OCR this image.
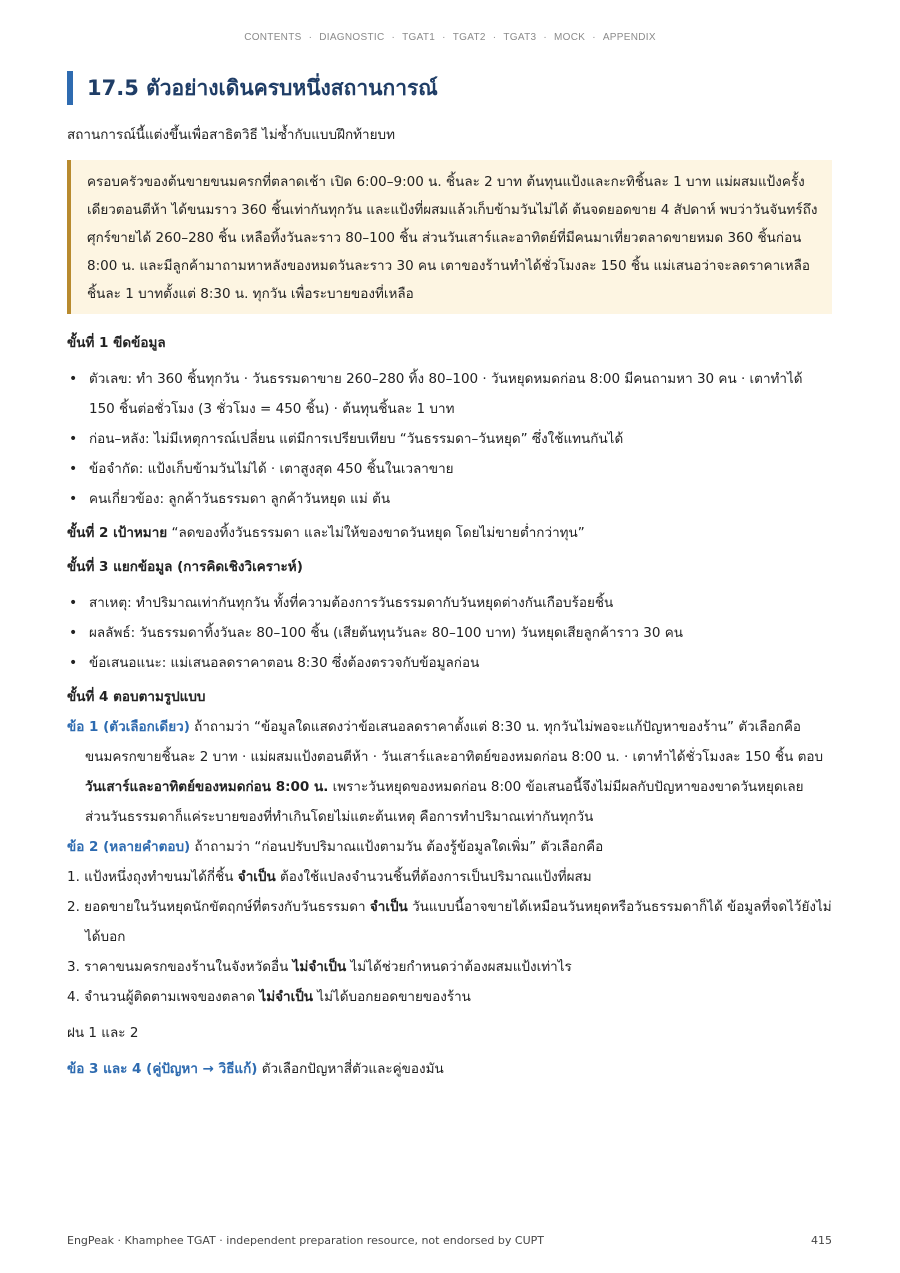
CONTENTS · DIAGNOSTIC · TGAT1 · TGAT2 · TGAT3 · MOCK · APPENDIX
17.5 ตัวอย่างเดินครบหนึ่งสถานการณ์

สถานการณ์นี้แต่งขึ้นเพื่อสาธิตวิธี ไม่ซ้ำกับแบบฝึกท้ายบท

ครอบครัวของต้นขายขนมครกที่ตลาดเช้า เปิด 6:00–9:00 น. ชิ้นละ 2 บาท ต้นทุนแป้งและกะทิชิ้นละ 1 บาท แม่ผสมแป้งครั้งเดียวตอนตีห้า ได้ขนมราว 360 ชิ้นเท่ากันทุกวัน และแป้งที่ผสมแล้วเก็บข้ามวันไม่ได้ ต้นจดยอดขาย 4 สัปดาห์ พบว่าวันจันทร์ถึงศุกร์ขายได้ 260–280 ชิ้น เหลือทิ้งวันละราว 80–100 ชิ้น ส่วนวันเสาร์และอาทิตย์ที่มีคนมาเที่ยวตลาดขายหมด 360 ชิ้นก่อน 8:00 น. และมีลูกค้ามาถามหาหลังของหมดวันละราว 30 คน เตาของร้านทำได้ชั่วโมงละ 150 ชิ้น แม่เสนอว่าจะลดราคาเหลือชิ้นละ 1 บาทตั้งแต่ 8:30 น. ทุกวัน เพื่อระบายของที่เหลือ

ขั้นที่ 1 ขีดข้อมูล

• ตัวเลข: ทำ 360 ชิ้นทุกวัน · วันธรรมดาขาย 260–280 ทิ้ง 80–100 · วันหยุดหมดก่อน 8:00 มีคนถามหา 30 คน · เตาทำได้ 150 ชิ้นต่อชั่วโมง (3 ชั่วโมง = 450 ชิ้น) · ต้นทุนชิ้นละ 1 บาท
• ก่อน–หลัง: ไม่มีเหตุการณ์เปลี่ยน แต่มีการเปรียบเทียบ “วันธรรมดา–วันหยุด” ซึ่งใช้แทนกันได้
• ข้อจำกัด: แป้งเก็บข้ามวันไม่ได้ · เตาสูงสุด 450 ชิ้นในเวลาขาย
• คนเกี่ยวข้อง: ลูกค้าวันธรรมดา ลูกค้าวันหยุด แม่ ต้น

ขั้นที่ 2 เป้าหมาย “ลดของทิ้งวันธรรมดา และไม่ให้ของขาดวันหยุด โดยไม่ขายต่ำกว่าทุน”

ขั้นที่ 3 แยกข้อมูล (การคิดเชิงวิเคราะห์)

• สาเหตุ: ทำปริมาณเท่ากันทุกวัน ทั้งที่ความต้องการวันธรรมดากับวันหยุดต่างกันเกือบร้อยชิ้น
• ผลลัพธ์: วันธรรมดาทิ้งวันละ 80–100 ชิ้น (เสียต้นทุนวันละ 80–100 บาท) วันหยุดเสียลูกค้าราว 30 คน
• ข้อเสนอแนะ: แม่เสนอลดราคาตอน 8:30 ซึ่งต้องตรวจกับข้อมูลก่อน

ขั้นที่ 4 ตอบตามรูปแบบ

ข้อ 1 (ตัวเลือกเดียว) ถ้าถามว่า “ข้อมูลใดแสดงว่าข้อเสนอลดราคาตั้งแต่ 8:30 น. ทุกวันไม่พอจะแก้ปัญหาของร้าน” ตัวเลือกคือ ขนมครกขายชิ้นละ 2 บาท · แม่ผสมแป้งตอนตีห้า · วันเสาร์และอาทิตย์ของหมดก่อน 8:00 น. · เตาทำได้ชั่วโมงละ 150 ชิ้น ตอบ วันเสาร์และอาทิตย์ของหมดก่อน 8:00 น. เพราะวันหยุดของหมดก่อน 8:00 ข้อเสนอนี้จึงไม่มีผลกับปัญหาของขาดวันหยุดเลย ส่วนวันธรรมดาก็แค่ระบายของที่ทำเกินโดยไม่แตะต้นเหตุ คือการทำปริมาณเท่ากันทุกวัน

ข้อ 2 (หลายคำตอบ) ถ้าถามว่า “ก่อนปรับปริมาณแป้งตามวัน ต้องรู้ข้อมูลใดเพิ่ม” ตัวเลือกคือ

1. แป้งหนึ่งถุงทำขนมได้กี่ชิ้น จำเป็น ต้องใช้แปลงจำนวนชิ้นที่ต้องการเป็นปริมาณแป้งที่ผสม
2. ยอดขายในวันหยุดนักขัตฤกษ์ที่ตรงกับวันธรรมดา จำเป็น วันแบบนี้อาจขายได้เหมือนวันหยุดหรือวันธรรมดาก็ได้ ข้อมูลที่จดไว้ยังไม่ได้บอก
3. ราคาขนมครกของร้านในจังหวัดอื่น ไม่จำเป็น ไม่ได้ช่วยกำหนดว่าต้องผสมแป้งเท่าไร
4. จำนวนผู้ติดตามเพจของตลาด ไม่จำเป็น ไม่ได้บอกยอดขายของร้าน

ฝน 1 และ 2

ข้อ 3 และ 4 (คู่ปัญหา → วิธีแก้) ตัวเลือกปัญหาสี่ตัวและคู่ของมัน

EngPeak · Khamphee TGAT · independent preparation resource, not endorsed by CUPT	415
